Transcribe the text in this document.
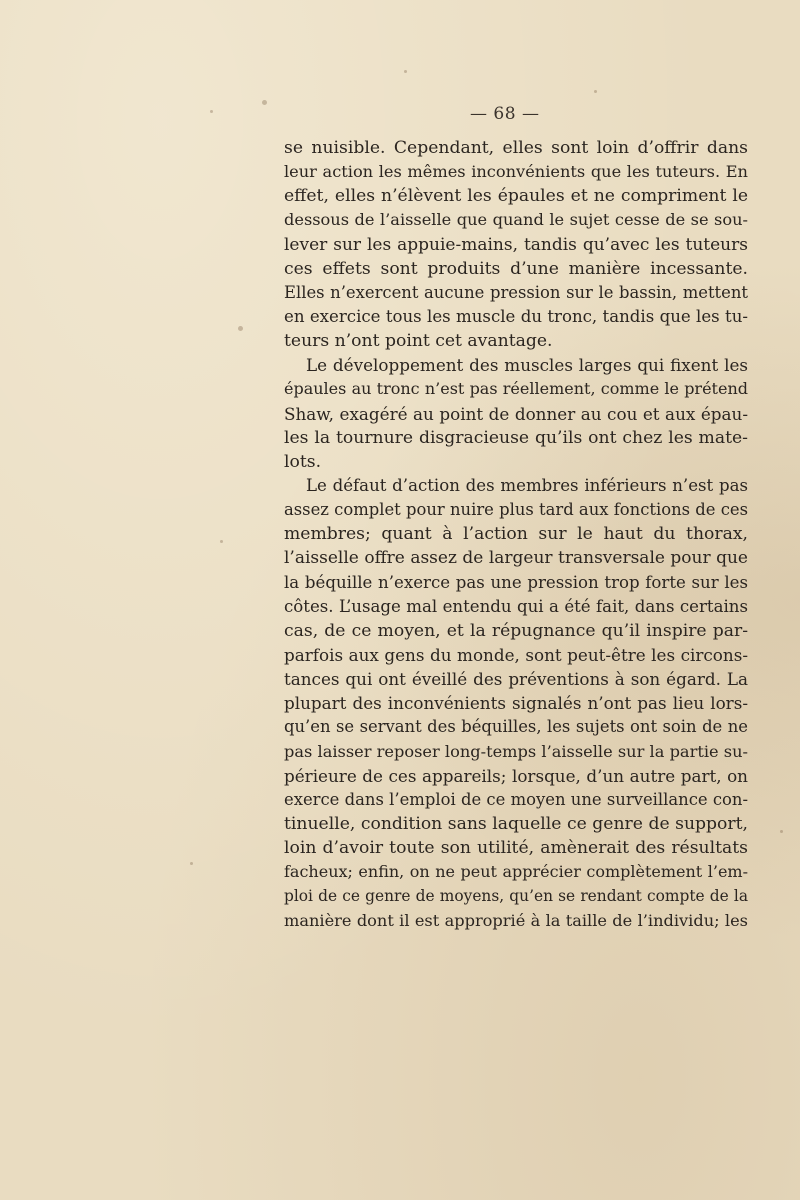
— 68 —
se nuisible. Cependant, elles sont loin d’offrir dans
leur action les mêmes inconvénients que les tuteurs. En
effet, elles n’élèvent les épaules et ne compriment le
dessous de l’aisselle que quand le sujet cesse de se sou-
lever sur les appuie-mains, tandis qu’avec les tuteurs
ces effets sont produits d’une manière incessante.
Elles n’exercent aucune pression sur le bassin, mettent
en exercice tous les muscle du tronc, tandis que les tu-
teurs n’ont point cet avantage.
Le développement des muscles larges qui fixent les
épaules au tronc n’est pas réellement, comme le prétend
Shaw, exagéré au point de donner au cou et aux épau-
les la tournure disgracieuse qu’ils ont chez les mate-
lots.
Le défaut d’action des membres inférieurs n’est pas
assez complet pour nuire plus tard aux fonctions de ces
membres; quant à l’action sur le haut du thorax,
l’aisselle offre assez de largeur transversale pour que
la béquille n’exerce pas une pression trop forte sur les
côtes. L’usage mal entendu qui a été fait, dans certains
cas, de ce moyen, et la répugnance qu’il inspire par-
parfois aux gens du monde, sont peut-être les circons-
tances qui ont éveillé des préventions à son égard. La
plupart des inconvénients signalés n’ont pas lieu lors-
qu’en se servant des béquilles, les sujets ont soin de ne
pas laisser reposer long-temps l’aisselle sur la partie su-
périeure de ces appareils; lorsque, d’un autre part, on
exerce dans l’emploi de ce moyen une surveillance con-
tinuelle, condition sans laquelle ce genre de support,
loin d’avoir toute son utilité, amènerait des résultats
facheux; enfin, on ne peut apprécier complètement l’em-
ploi de ce genre de moyens, qu’en se rendant compte de la
manière dont il est approprié à la taille de l’individu; les
